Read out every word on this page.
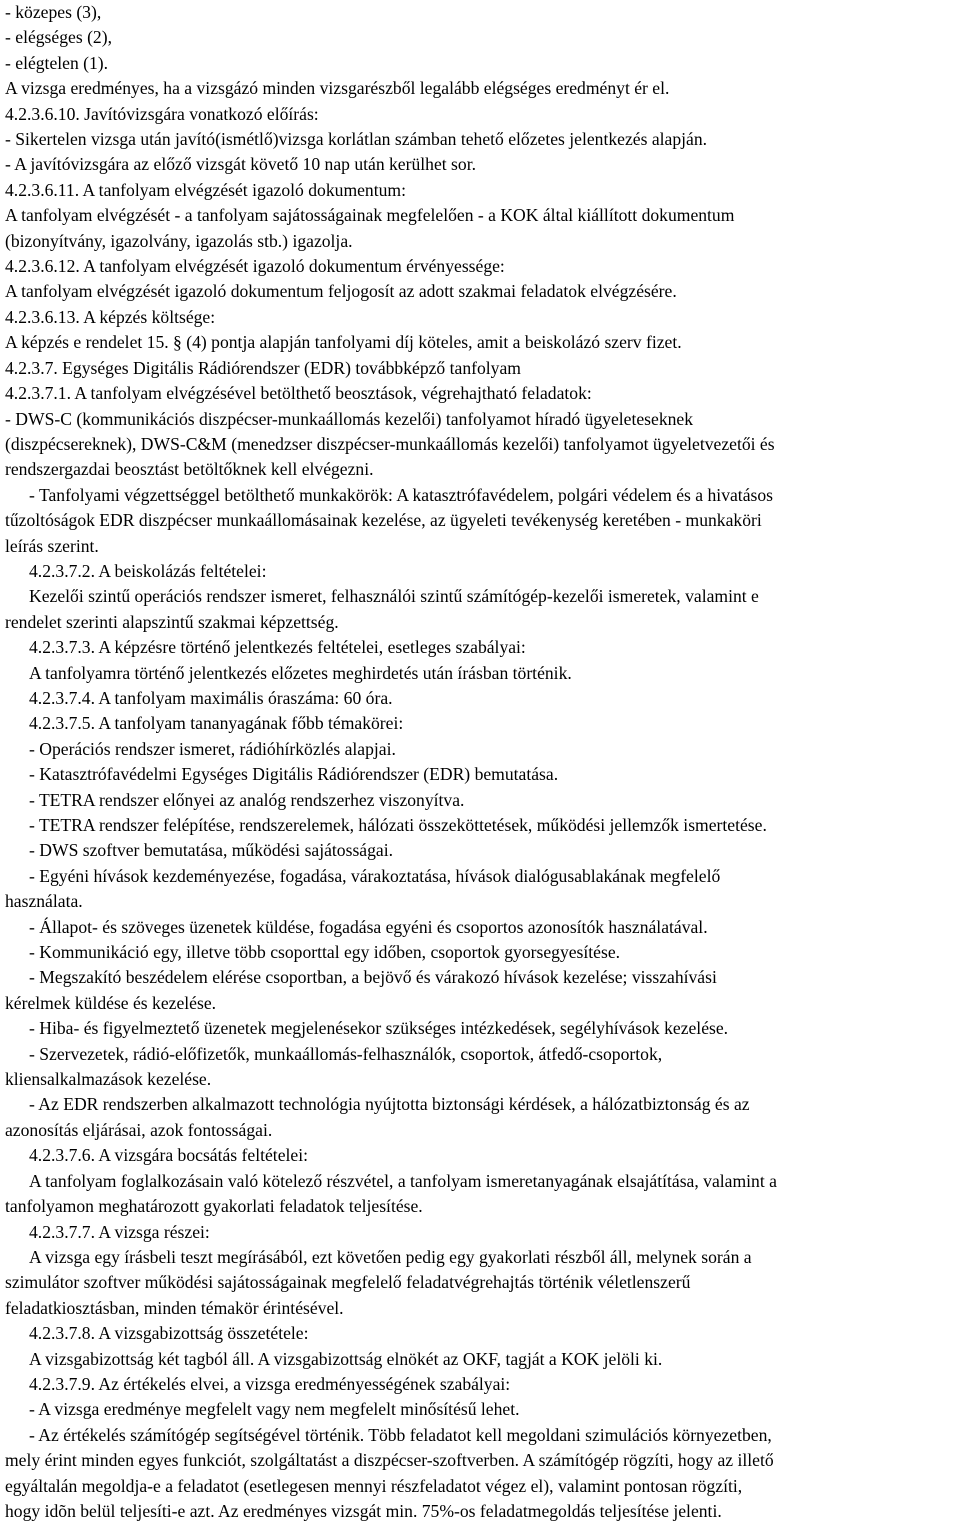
- közepes (3),

- elégséges (2),

- elégtelen (1).

A vizsga eredményes, ha a vizsgázó minden vizsgarészből legalább elégséges eredményt ér el.

4.2.3.6.10. Javítóvizsgára vonatkozó előírás:

- Sikertelen vizsga után javító(ismétlő)vizsga korlátlan számban tehető előzetes jelentkezés alapján.

- A javítóvizsgára az előző vizsgát követő 10 nap után kerülhet sor.

4.2.3.6.11. A tanfolyam elvégzését igazoló dokumentum:

A tanfolyam elvégzését - a tanfolyam sajátosságainak megfelelően - a KOK által kiállított dokumentum

(bizonyítvány, igazolvány, igazolás stb.) igazolja.

4.2.3.6.12. A tanfolyam elvégzését igazoló dokumentum érvényessége:

A tanfolyam elvégzését igazoló dokumentum feljogosít az adott szakmai feladatok elvégzésére.

4.2.3.6.13. A képzés költsége:

A képzés e rendelet 15. § (4) pontja alapján tanfolyami díj köteles, amit a beiskolázó szerv fizet.

4.2.3.7. Egységes Digitális Rádiórendszer (EDR) továbbképző tanfolyam

4.2.3.7.1. A tanfolyam elvégzésével betölthető beosztások, végrehajtható feladatok:

- DWS-C (kommunikációs diszpécser-munkaállomás kezelői) tanfolyamot híradó ügyeleteseknek

(diszpécsereknek), DWS-C&M (menedzser diszpécser-munkaállomás kezelői) tanfolyamot ügyeletvezetői és

rendszergazdai beosztást betöltőknek kell elvégezni.

- Tanfolyami végzettséggel betölthető munkakörök: A katasztrófavédelem, polgári védelem és a hivatásos

tűzoltóságok EDR diszpécser munkaállomásainak kezelése, az ügyeleti tevékenység keretében - munkaköri

leírás szerint.

4.2.3.7.2. A beiskolázás feltételei:

Kezelői szintű operációs rendszer ismeret, felhasználói szintű számítógép-kezelői ismeretek, valamint e

rendelet szerinti alapszintű szakmai képzettség.

4.2.3.7.3. A képzésre történő jelentkezés feltételei, esetleges szabályai:

A tanfolyamra történő jelentkezés előzetes meghirdetés után írásban történik.

4.2.3.7.4. A tanfolyam maximális óraszáma: 60 óra.

4.2.3.7.5. A tanfolyam tananyagának főbb témakörei:

- Operációs rendszer ismeret, rádióhírközlés alapjai.

- Katasztrófavédelmi Egységes Digitális Rádiórendszer (EDR) bemutatása.

- TETRA rendszer előnyei az analóg rendszerhez viszonyítva.

- TETRA rendszer felépítése, rendszerelemek, hálózati összeköttetések, működési jellemzők ismertetése.

- DWS szoftver bemutatása, működési sajátosságai.

- Egyéni hívások kezdeményezése, fogadása, várakoztatása, hívások dialógusablakának megfelelő

használata.

- Állapot- és szöveges üzenetek küldése, fogadása egyéni és csoportos azonosítók használatával.

- Kommunikáció egy, illetve több csoporttal egy időben, csoportok gyorsegyesítése.

- Megszakító beszédelem elérése csoportban, a bejövő és várakozó hívások kezelése; visszahívási

kérelmek küldése és kezelése.

- Hiba- és figyelmeztető üzenetek megjelenésekor szükséges intézkedések, segélyhívások kezelése.

- Szervezetek, rádió-előfizetők, munkaállomás-felhasználók, csoportok, átfedő-csoportok,

kliensalkalmazások kezelése.

- Az EDR rendszerben alkalmazott technológia nyújtotta biztonsági kérdések, a hálózatbiztonság és az

azonosítás eljárásai, azok fontosságai.

4.2.3.7.6. A vizsgára bocsátás feltételei:

A tanfolyam foglalkozásain való kötelező részvétel, a tanfolyam ismeretanyagának elsajátítása, valamint a

tanfolyamon meghatározott gyakorlati feladatok teljesítése.

4.2.3.7.7. A vizsga részei:

A vizsga egy írásbeli teszt megírásából, ezt követően pedig egy gyakorlati részből áll, melynek során a

szimulátor szoftver működési sajátosságainak megfelelő feladatvégrehajtás történik véletlenszerű

feladatkiosztásban, minden témakör érintésével.

4.2.3.7.8. A vizsgabizottság összetétele:

A vizsgabizottság két tagból áll. A vizsgabizottság elnökét az OKF, tagját a KOK jelöli ki.

4.2.3.7.9. Az értékelés elvei, a vizsga eredményességének szabályai:

- A vizsga eredménye megfelelt vagy nem megfelelt minősítésű lehet.

- Az értékelés számítógép segítségével történik. Több feladatot kell megoldani szimulációs környezetben,

mely érint minden egyes funkciót, szolgáltatást a diszpécser-szoftverben. A számítógép rögzíti, hogy az illető

egyáltalán megoldja-e a feladatot (esetlegesen mennyi részfeladatot végez el), valamint pontosan rögzíti,

hogy idõn belül teljesíti-e azt. Az eredményes vizsgát min. 75%-os feladatmegoldás teljesítése jelenti.
